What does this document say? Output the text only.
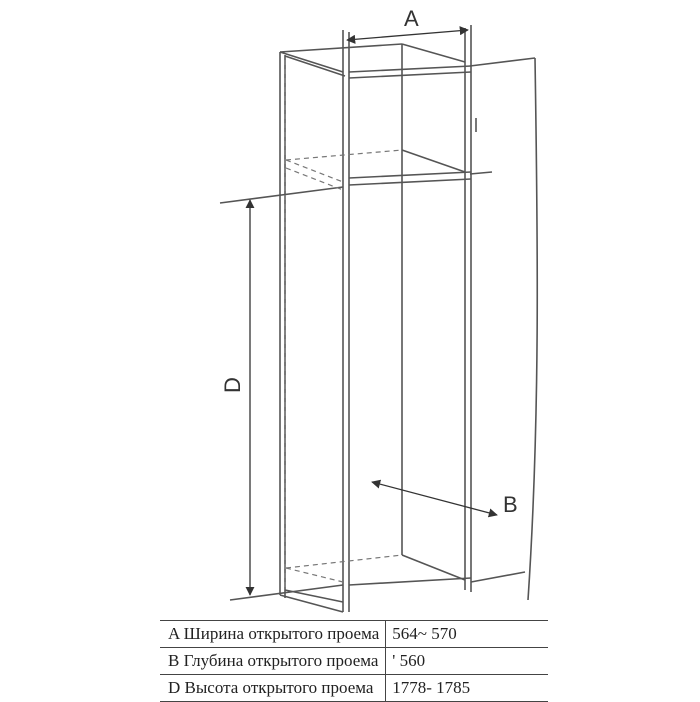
A
D
B
A Ширина открытого проема	564~ 570
B Глубина открытого проема	' 560
D Высота открытого проема	1778- 1785
